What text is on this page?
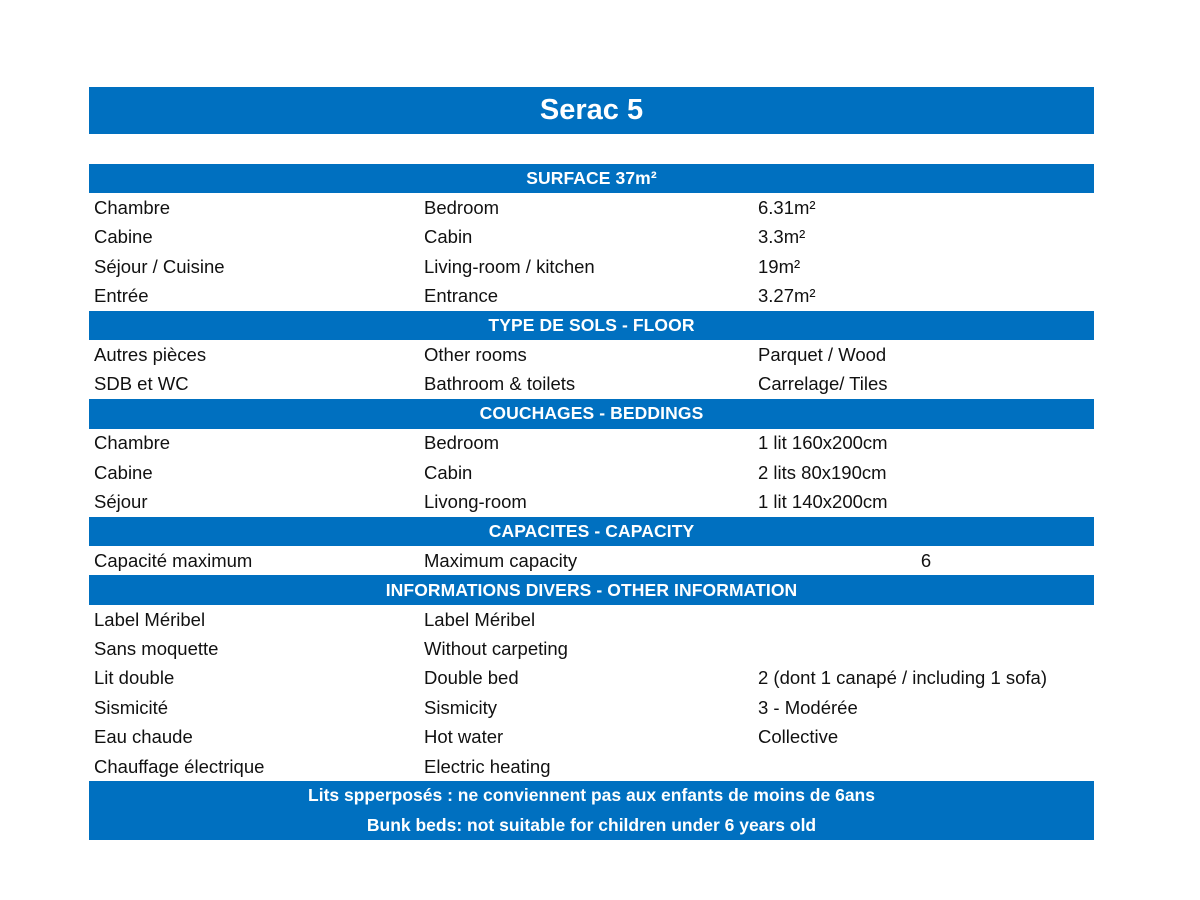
Serac 5
SURFACE 37m²
Chambre	Bedroom	6.31m²
Cabine	Cabin	3.3m²
Séjour / Cuisine	Living-room / kitchen	19m²
Entrée	Entrance	3.27m²
TYPE DE SOLS - FLOOR
Autres pièces	Other rooms	Parquet / Wood
SDB et WC	Bathroom & toilets	Carrelage/ Tiles
COUCHAGES - BEDDINGS
Chambre	Bedroom	1 lit 160x200cm
Cabine	Cabin	2 lits 80x190cm
Séjour	Livong-room	1 lit 140x200cm
CAPACITES - CAPACITY
Capacité maximum	Maximum capacity	6
INFORMATIONS DIVERS - OTHER INFORMATION
Label Méribel	Label Méribel
Sans moquette	Without carpeting
Lit double	Double bed	2 (dont 1 canapé / including 1 sofa)
Sismicité	Sismicity	3 - Modérée
Eau chaude	Hot water	Collective
Chauffage électrique	Electric heating
Lits spperposés : ne conviennent pas aux enfants de moins de 6ans
Bunk beds: not suitable for children under 6 years old
